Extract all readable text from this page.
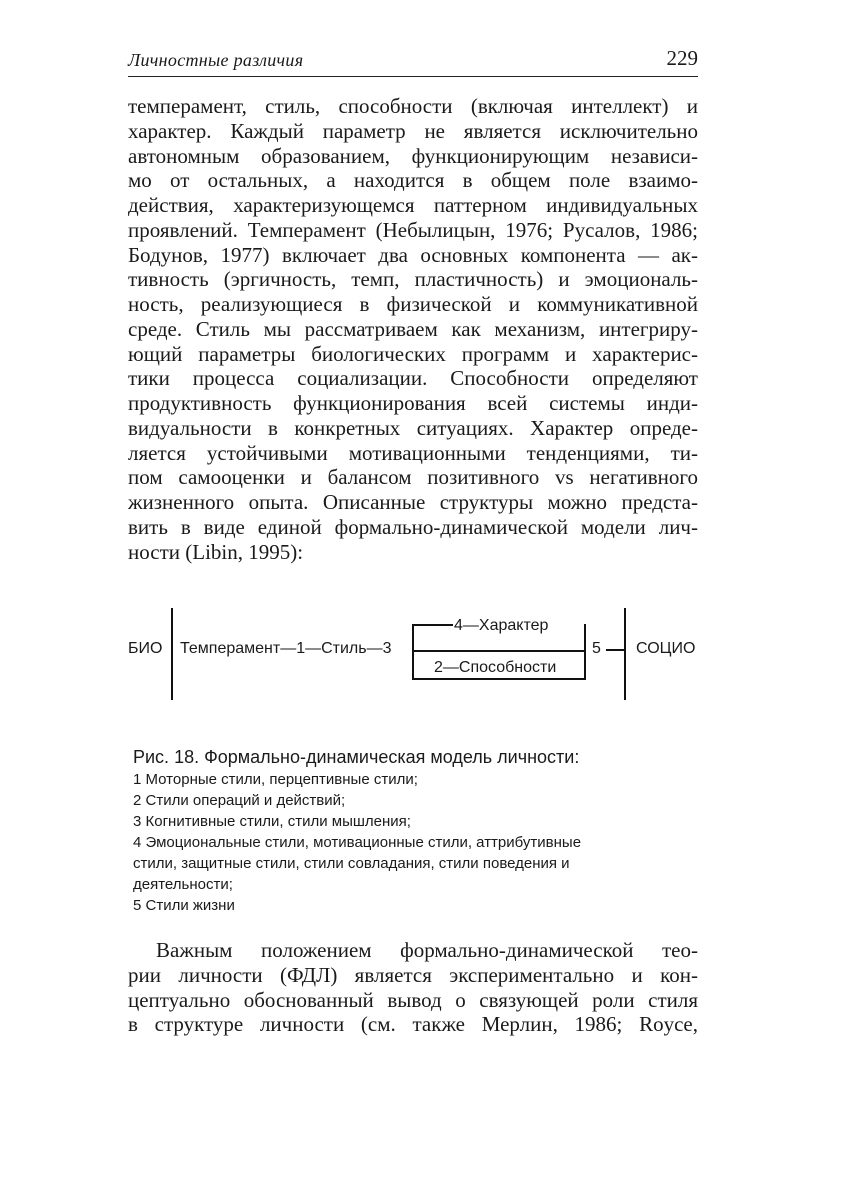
Личностные различия	229
темперамент, стиль, способности (включая интеллект) и
характер. Каждый параметр не является исключительно
автономным образованием, функционирующим независи-
мо от остальных, а находится в общем поле взаимо-
действия, характеризующемся паттерном индивидуальных
проявлений. Темперамент (Небылицын, 1976; Русалов, 1986;
Бодунов, 1977) включает два основных компонента — ак-
тивность (эргичность, темп, пластичность) и эмоциональ-
ность, реализующиеся в физической и коммуникативной
среде. Стиль мы рассматриваем как механизм, интегриру-
ющий параметры биологических программ и характерис-
тики процесса социализации. Способности определяют
продуктивность функционирования всей системы инди-
видуальности в конкретных ситуациях. Характер опреде-
ляется устойчивыми мотивационными тенденциями, ти-
пом самооценки и балансом позитивного vs негативного
жизненного опыта. Описанные структуры можно предста-
вить в виде единой формально-динамической модели лич-
ности (Libin, 1995):
БИО Темперамент—1—Стиль—3
4—Характер
2—Способности
5 СОЦИО
Рис. 18. Формально-динамическая модель личности:
1 Моторные стили, перцептивные стили;
2 Стили операций и действий;
3 Когнитивные стили, стили мышления;
4 Эмоциональные стили, мотивационные стили, аттрибутивные
стили, защитные стили, стили совладания, стили поведения и
деятельности;
5 Стили жизни
Важным положением формально-динамической тео-
рии личности (ФДЛ) является экспериментально и кон-
цептуально обоснованный вывод о связующей роли стиля
в структуре личности (см. также Мерлин, 1986; Royce,
